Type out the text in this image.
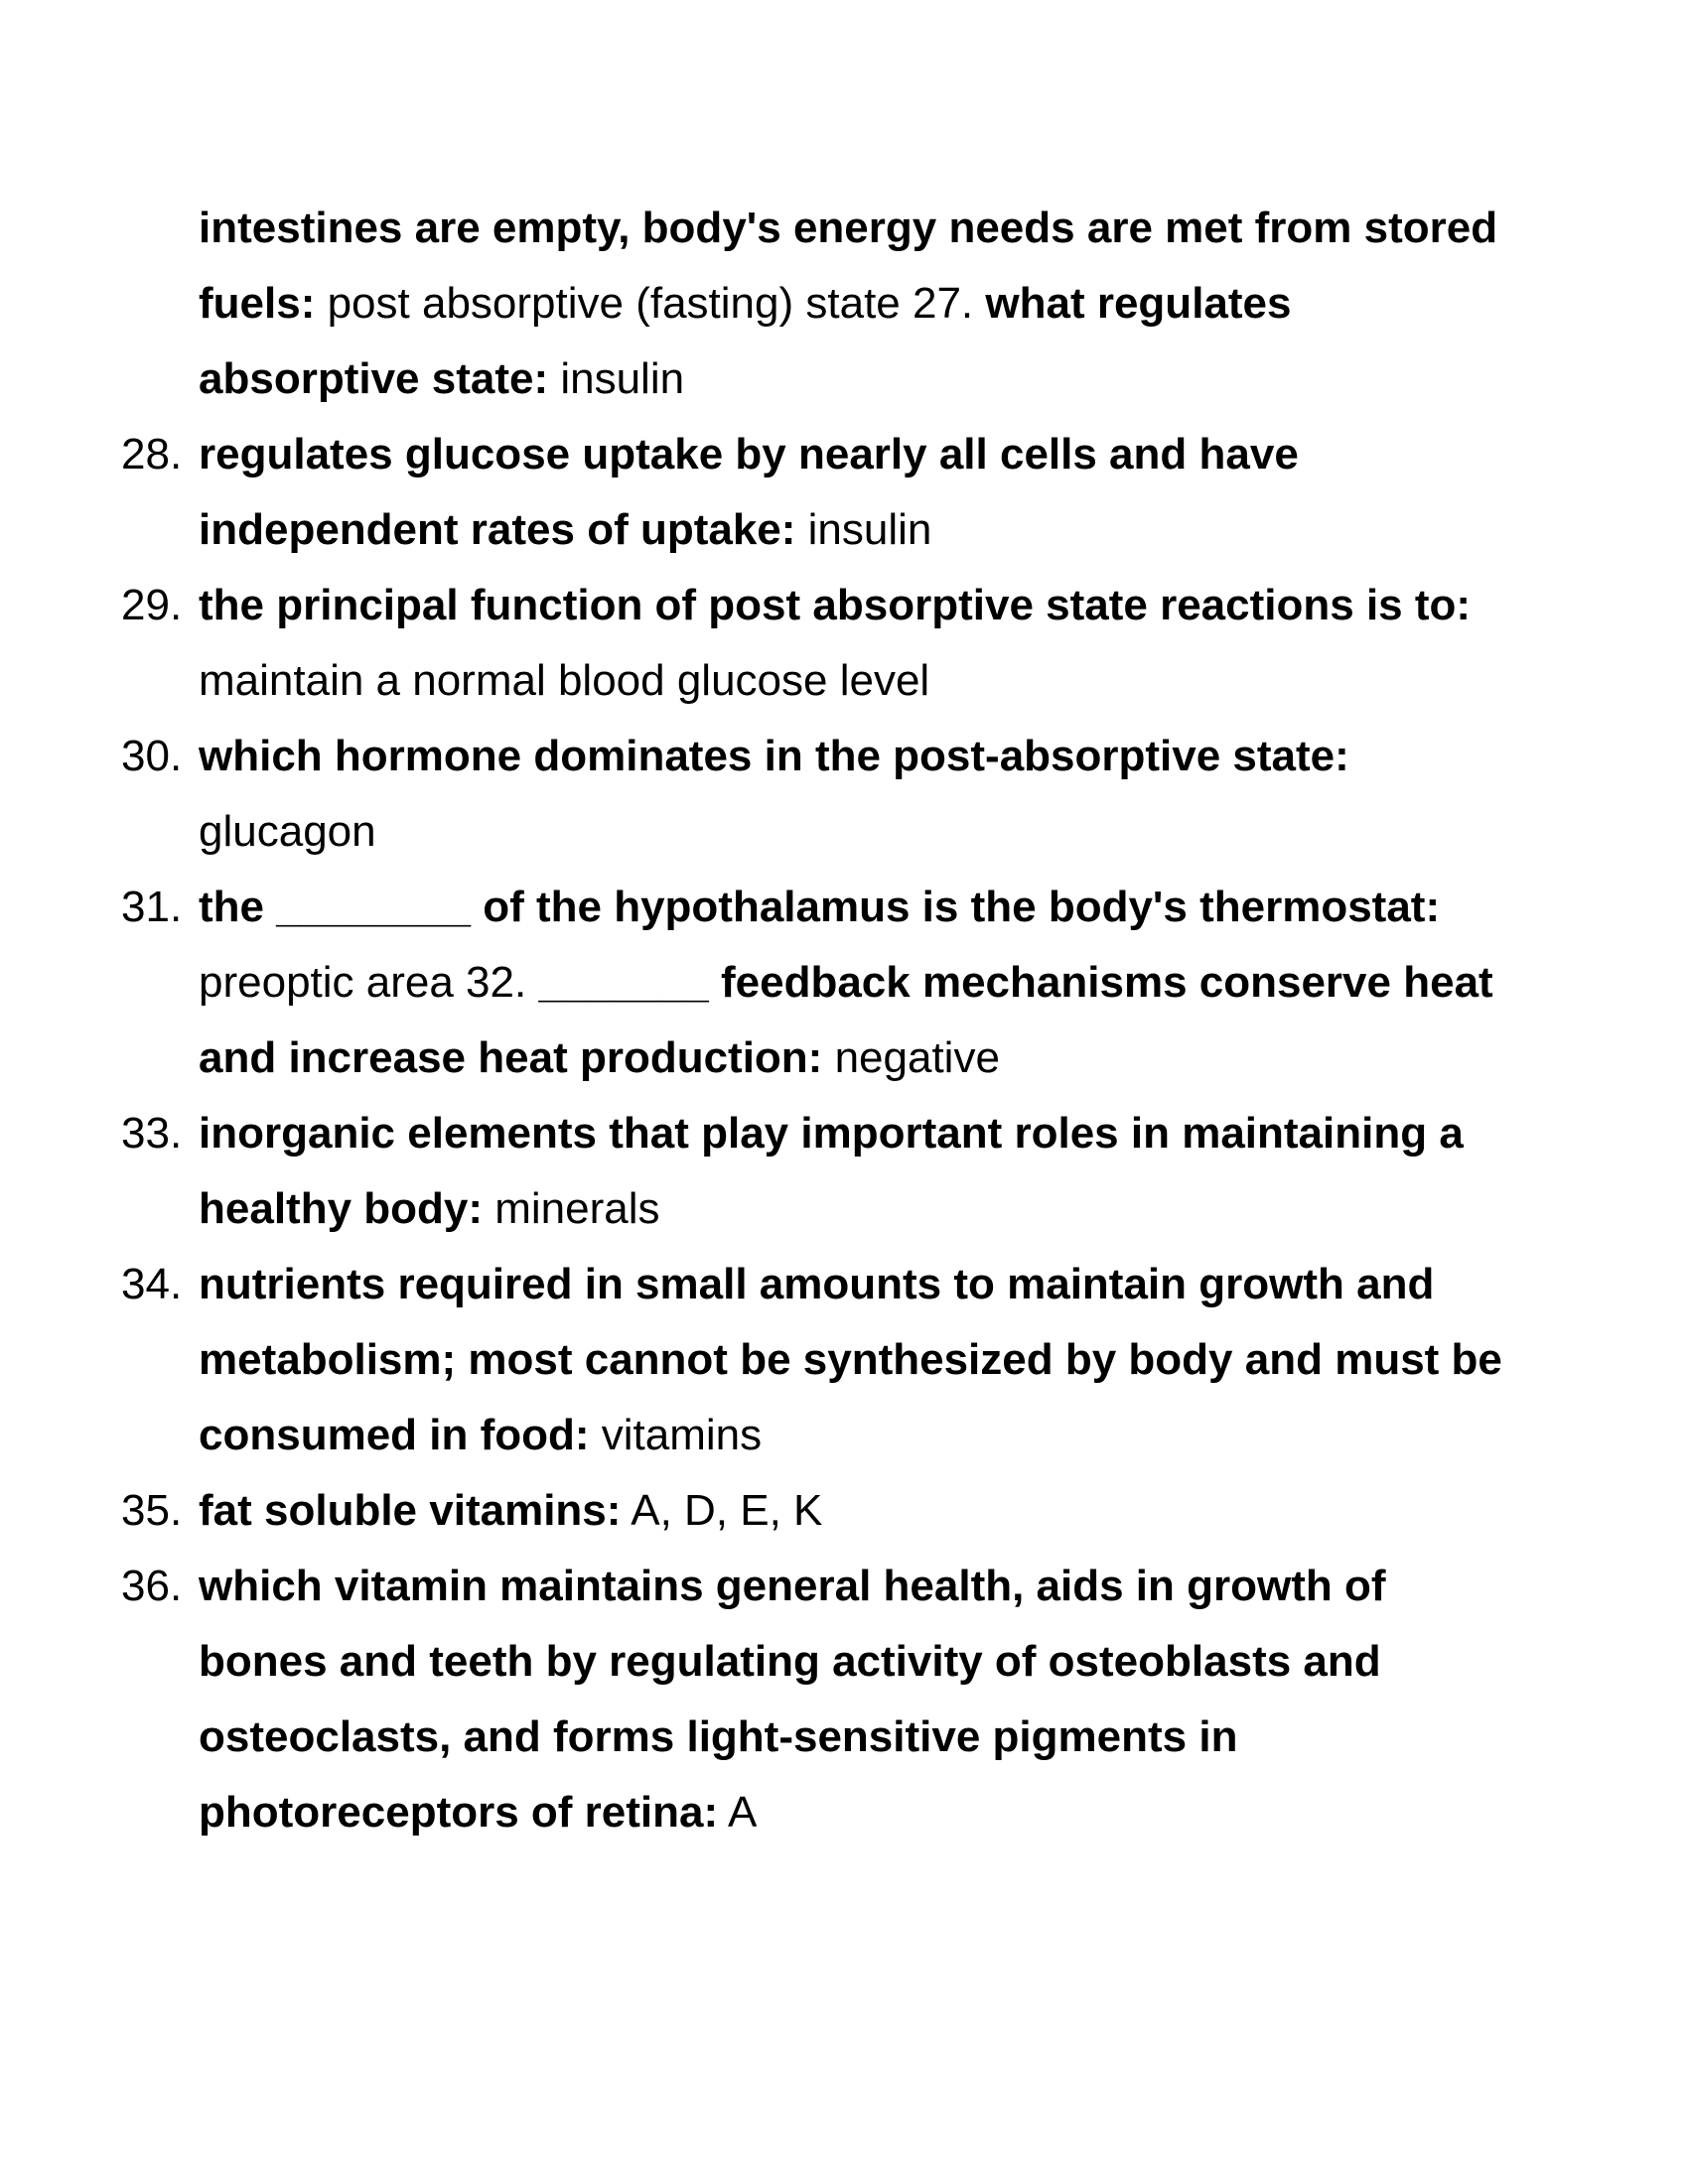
intestines are empty, body's energy needs are met from stored fuels: post absorptive (fasting) state 27. what regulates absorptive state: insulin
28. regulates glucose uptake by nearly all cells and have independent rates of uptake: insulin
29. the principal function of post absorptive state reactions is to: maintain a normal blood glucose level
30. which hormone dominates in the post-absorptive state: glucagon
31. the ________ of the hypothalamus is the body's thermostat: preoptic area 32. _______ feedback mechanisms conserve heat and increase heat production: negative
33. inorganic elements that play important roles in maintaining a healthy body: minerals
34. nutrients required in small amounts to maintain growth and metabolism; most cannot be synthesized by body and must be consumed in food: vitamins
35. fat soluble vitamins: A, D, E, K
36. which vitamin maintains general health, aids in growth of bones and teeth by regulating activity of osteoblasts and osteoclasts, and forms light-sensitive pigments in photoreceptors of retina: A
